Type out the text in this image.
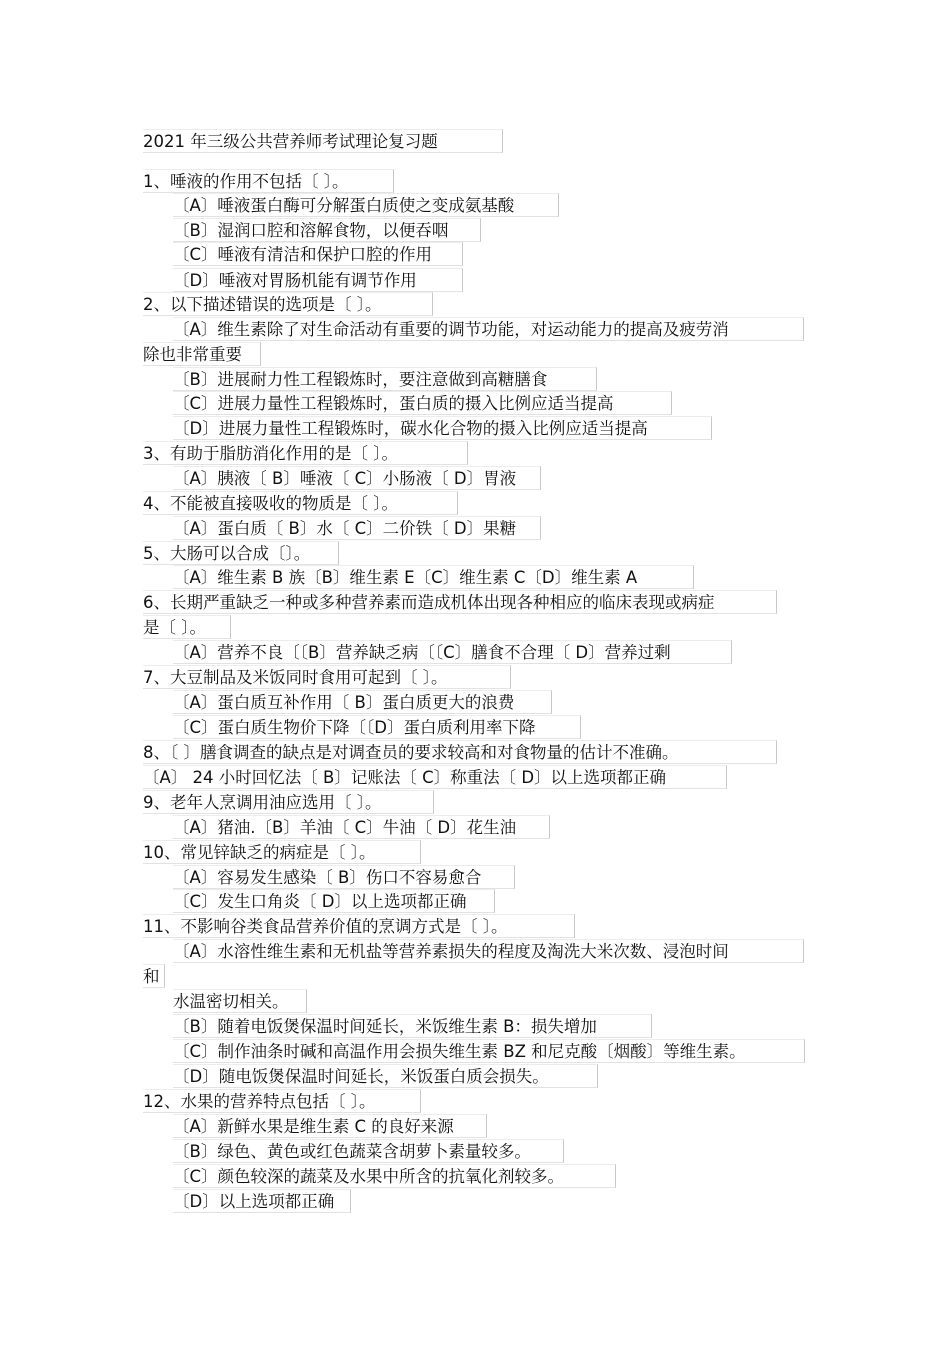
2021 年三级公共营养师考试理论复习题
1、唾液的作用不包括〔 〕。
〔A〕唾液蛋白酶可分解蛋白质使之变成氨基酸
〔B〕湿润口腔和溶解食物，以便吞咽
〔C〕唾液有清洁和保护口腔的作用
〔D〕唾液对胃肠机能有调节作用
2、以下描述错误的选项是〔 〕。
〔A〕维生素除了对生命活动有重要的调节功能，对运动能力的提高及疲劳消
除也非常重要
〔B〕进展耐力性工程锻炼时，要注意做到高糖膳食
〔C〕进展力量性工程锻炼时，蛋白质的摄入比例应适当提高
〔D〕进展力量性工程锻炼时，碳水化合物的摄入比例应适当提高
3、有助于脂肪消化作用的是〔 〕。
〔A〕胰液〔 B〕唾液〔 C〕小肠液〔 D〕胃液
4、不能被直接吸收的物质是〔 〕。
〔A〕蛋白质〔 B〕水〔 C〕二价铁〔 D〕果糖
5、大肠可以合成〔〕。
〔A〕维生素 B 族〔B〕维生素 E〔C〕维生素 C〔D〕维生素 A
6、长期严重缺乏一种或多种营养素而造成机体出现各种相应的临床表现或病症
是〔 〕。
〔A〕营养不良〔〔B〕营养缺乏病〔〔C〕膳食不合理〔 D〕营养过剩
7、大豆制品及米饭同时食用可起到〔 〕。
〔A〕蛋白质互补作用〔 B〕蛋白质更大的浪费
〔C〕蛋白质生物价下降〔〔D〕蛋白质利用率下降
8、〔 〕膳食调查的缺点是对调查员的要求较高和对食物量的估计不准确。
〔A〕 24 小时回忆法〔 B〕记账法〔 C〕称重法〔 D〕以上选项都正确
9、老年人烹调用油应选用〔 〕。
〔A〕猪油.〔B〕羊油〔 C〕牛油〔 D〕花生油
10、常见锌缺乏的病症是〔 〕。
〔A〕容易发生感染〔 B〕伤口不容易愈合
〔C〕发生口角炎〔 D〕以上选项都正确
11、不影响谷类食品营养价值的烹调方式是〔 〕。
〔A〕水溶性维生素和无机盐等营养素损失的程度及淘洗大米次数、浸泡时间
和
水温密切相关。
〔B〕随着电饭煲保温时间延长，米饭维生素 B：损失增加
〔C〕制作油条时碱和高温作用会损失维生素 BZ 和尼克酸〔烟酸〕等维生素。
〔D〕随电饭煲保温时间延长，米饭蛋白质会损失。
12、水果的营养特点包括〔 〕。
〔A〕新鲜水果是维生素 C 的良好来源
〔B〕绿色、黄色或红色蔬菜含胡萝卜素量较多。
〔C〕颜色较深的蔬菜及水果中所含的抗氧化剂较多。
〔D〕以上选项都正确
